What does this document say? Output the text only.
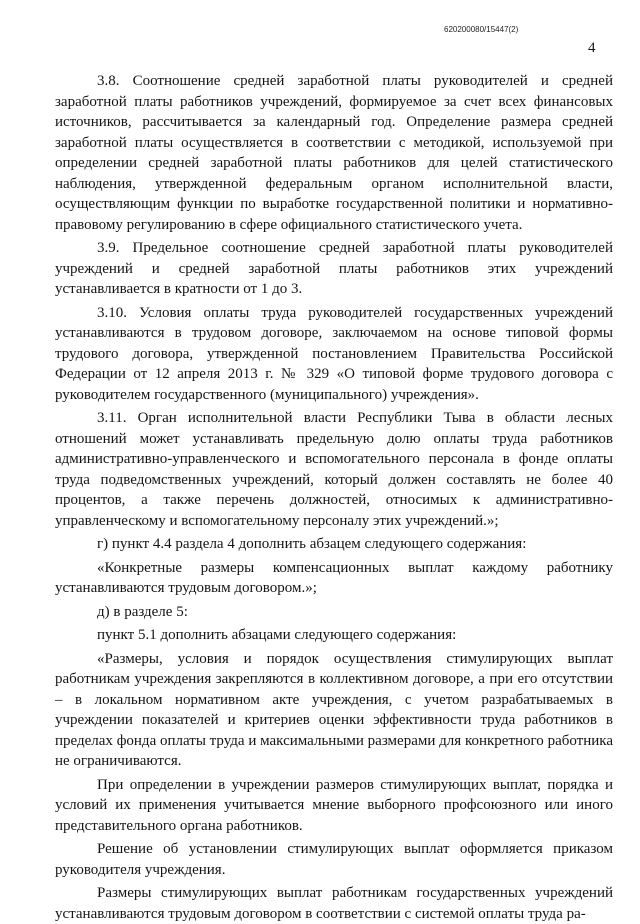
620200080/15447(2)
4

3.8. Соотношение средней заработной платы руководителей и средней заработной платы работников учреждений, формируемое за счет всех финансовых источников, рассчитывается за календарный год. Определение размера средней заработной платы осуществляется в соответствии с методикой, используемой при определении средней заработной платы работников для целей статистического наблюдения, утвержденной федеральным органом исполнительной власти, осуществляющим функции по выработке государственной политики и нормативно-правовому регулированию в сфере официального статистического учета.

3.9. Предельное соотношение средней заработной платы руководителей учреждений и средней заработной платы работников этих учреждений устанавливается в кратности от 1 до 3.

3.10. Условия оплаты труда руководителей государственных учреждений устанавливаются в трудовом договоре, заключаемом на основе типовой формы трудового договора, утвержденной постановлением Правительства Российской Федерации от 12 апреля 2013 г. № 329 «О типовой форме трудового договора с руководителем государственного (муниципального) учреждения».

3.11. Орган исполнительной власти Республики Тыва в области лесных отношений может устанавливать предельную долю оплаты труда работников административно-управленческого и вспомогательного персонала в фонде оплаты труда подведомственных учреждений, который должен составлять не более 40 процентов, а также перечень должностей, относимых к административно-управленческому и вспомогательному персоналу этих учреждений.»;

г) пункт 4.4 раздела 4 дополнить абзацем следующего содержания:

«Конкретные размеры компенсационных выплат каждому работнику устанавливаются трудовым договором.»;

д) в разделе 5:

пункт 5.1 дополнить абзацами следующего содержания:

«Размеры, условия и порядок осуществления стимулирующих выплат работникам учреждения закрепляются в коллективном договоре, а при его отсутствии – в локальном нормативном акте учреждения, с учетом разрабатываемых в учреждении показателей и критериев оценки эффективности труда работников в пределах фонда оплаты труда и максимальными размерами для конкретного работника не ограничиваются.

При определении в учреждении размеров стимулирующих выплат, порядка и условий их применения учитывается мнение выборного профсоюзного или иного представительного органа работников.

Решение об установлении стимулирующих выплат оформляется приказом руководителя учреждения.

Размеры стимулирующих выплат работникам государственных учреждений устанавливаются трудовым договором в соответствии с системой оплаты труда ра-
